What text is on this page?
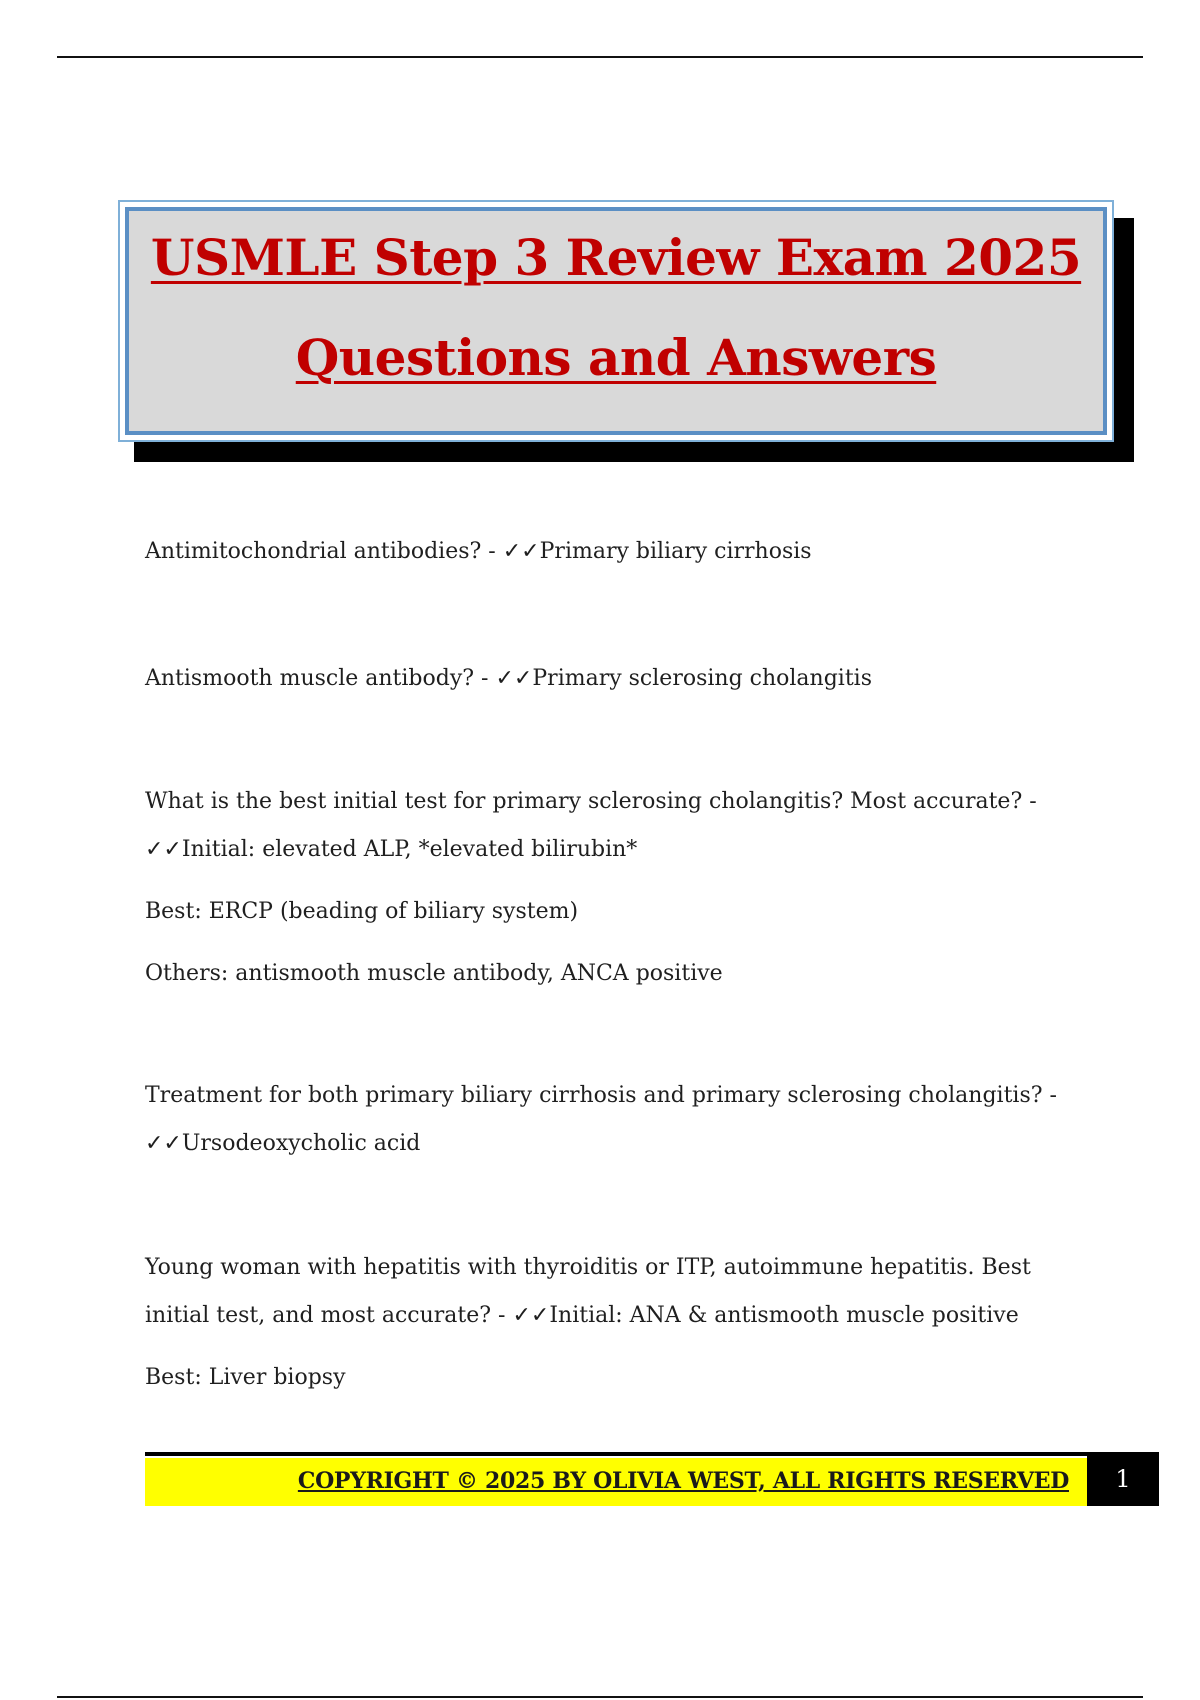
USMLE Step 3 Review Exam 2025
Questions and Answers

Antimitochondrial antibodies? - ✓✓Primary biliary cirrhosis

Antismooth muscle antibody? - ✓✓Primary sclerosing cholangitis

What is the best initial test for primary sclerosing cholangitis? Most accurate? - ✓✓Initial: elevated ALP, *elevated bilirubin*

Best: ERCP (beading of biliary system)

Others: antismooth muscle antibody, ANCA positive

Treatment for both primary biliary cirrhosis and primary sclerosing cholangitis? - ✓✓Ursodeoxycholic acid

Young woman with hepatitis with thyroiditis or ITP, autoimmune hepatitis. Best initial test, and most accurate? - ✓✓Initial: ANA & antismooth muscle positive

Best: Liver biopsy

COPYRIGHT © 2025 BY OLIVIA WEST, ALL RIGHTS RESERVED	1
